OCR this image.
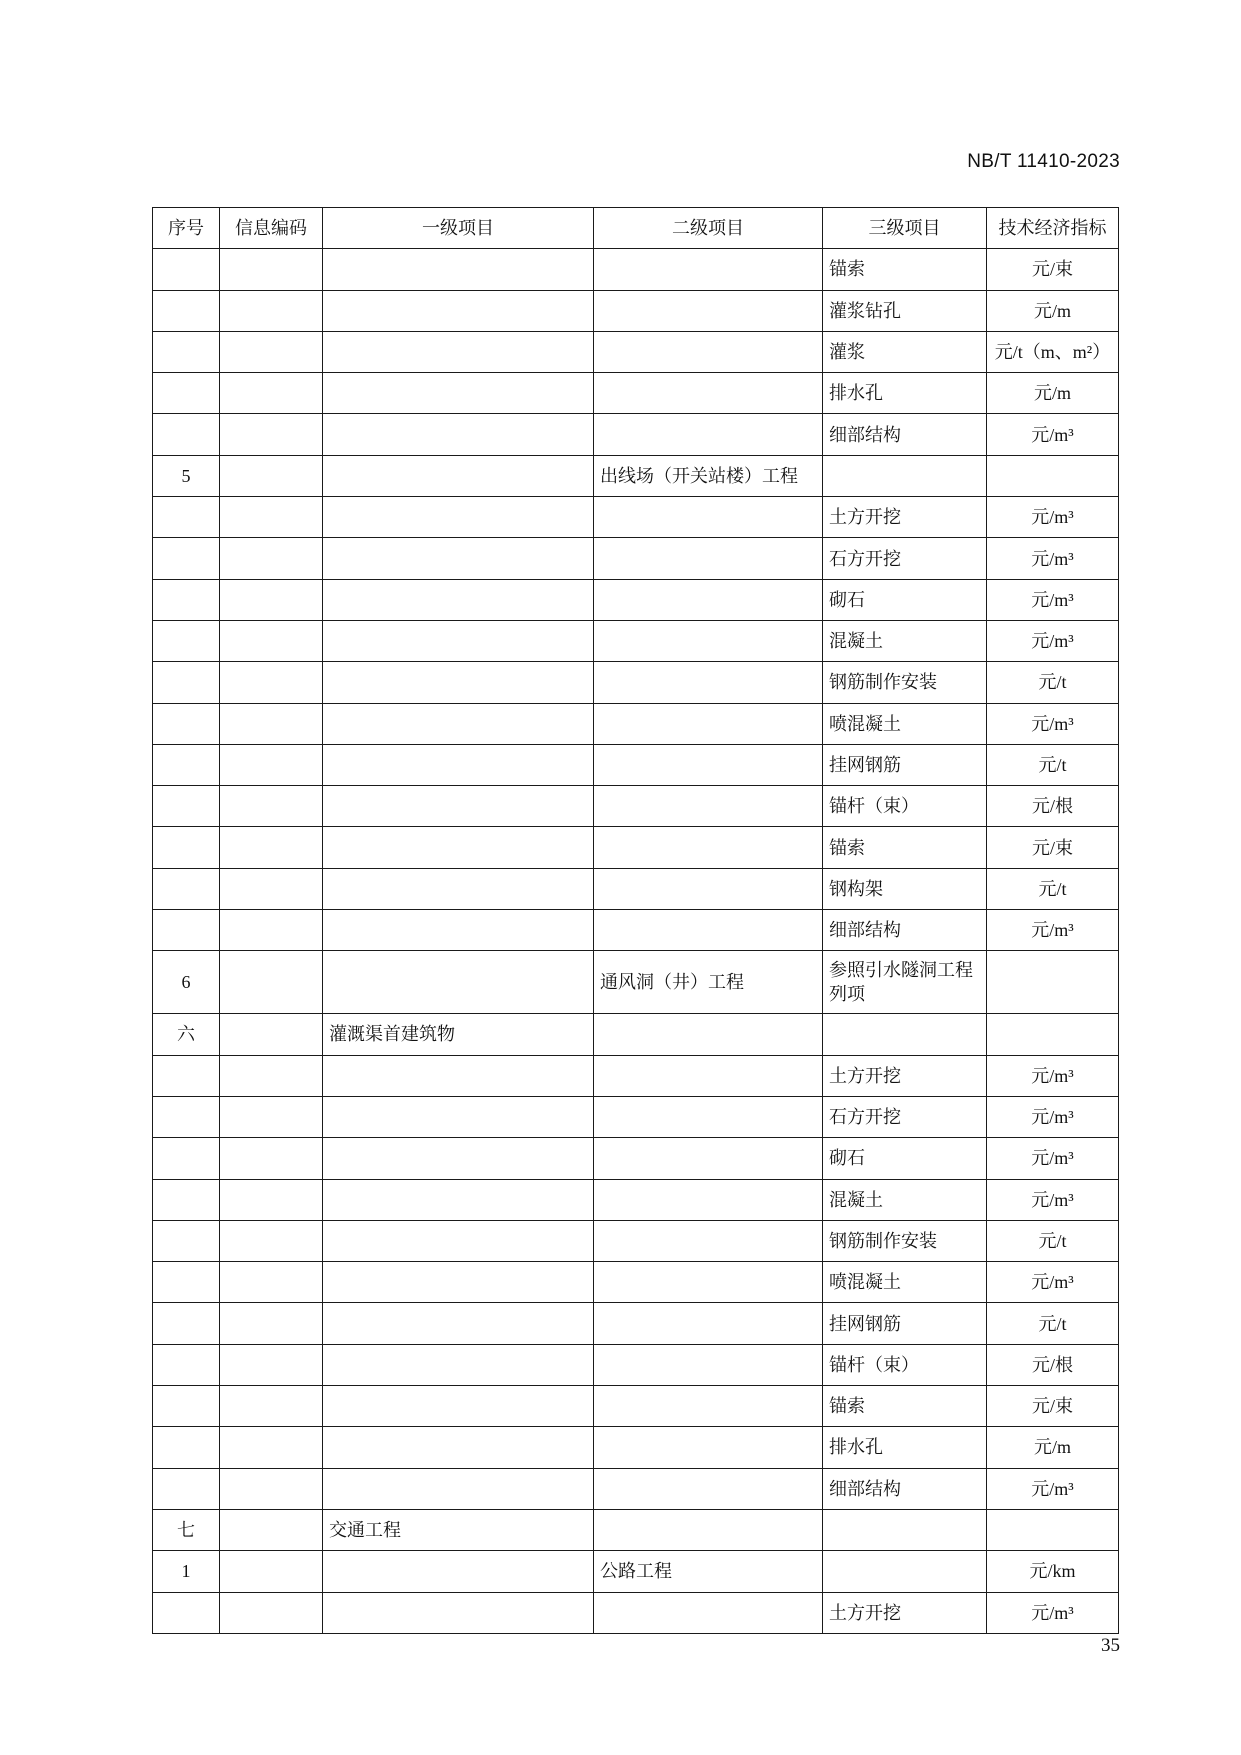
NB/T 11410-2023
序号	信息编码	一级项目	二级项目	三级项目	技术经济指标
				锚索	元/束
				灌浆钻孔	元/m
				灌浆	元/t（m、m²）
				排水孔	元/m
				细部结构	元/m³
5			出线场（开关站楼）工程		
				土方开挖	元/m³
				石方开挖	元/m³
				砌石	元/m³
				混凝土	元/m³
				钢筋制作安装	元/t
				喷混凝土	元/m³
				挂网钢筋	元/t
				锚杆（束）	元/根
				锚索	元/束
				钢构架	元/t
				细部结构	元/m³
6			通风洞（井）工程	参照引水隧洞工程列项	
六		灌溉渠首建筑物			
				土方开挖	元/m³
				石方开挖	元/m³
				砌石	元/m³
				混凝土	元/m³
				钢筋制作安装	元/t
				喷混凝土	元/m³
				挂网钢筋	元/t
				锚杆（束）	元/根
				锚索	元/束
				排水孔	元/m
				细部结构	元/m³
七		交通工程			
1			公路工程		元/km
				土方开挖	元/m³
35
